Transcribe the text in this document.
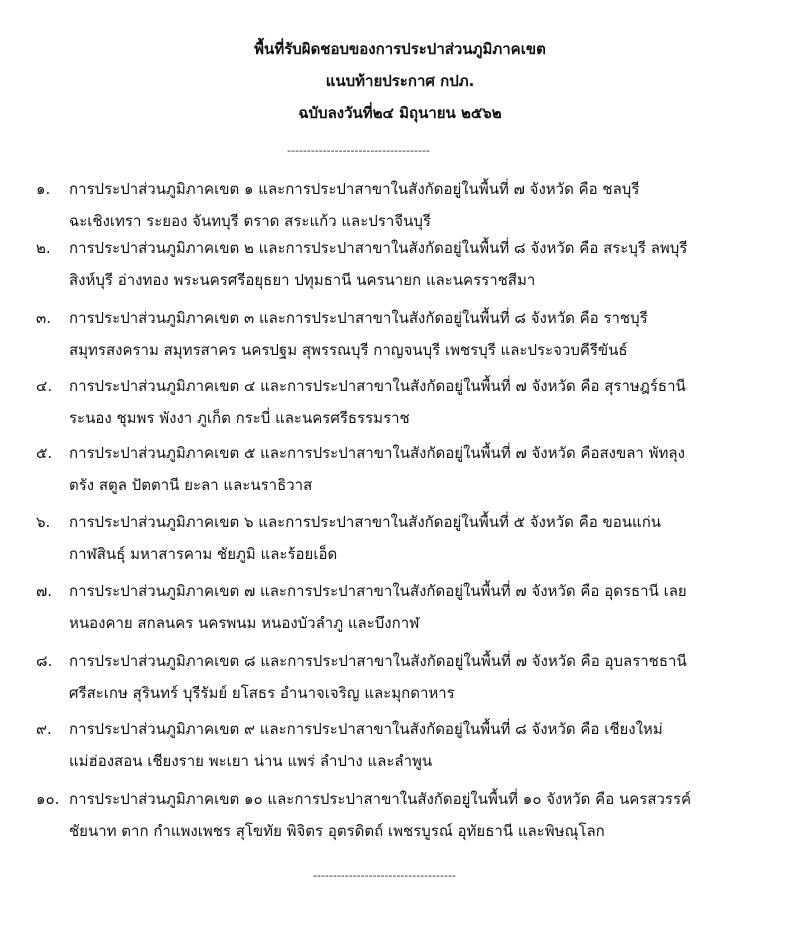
พื้นที่รับผิดชอบของการประปาส่วนภูมิภาคเขต
แนบท้ายประกาศ กปภ.
ฉบับลงวันที่๒๔ มิถุนายน ๒๕๖๒
------------------------------------
๑. การประปาส่วนภูมิภาคเขต ๑ และการประปาสาขาในสังกัดอยู่ในพื้นที่ ๗ จังหวัด คือ ชลบุรี
ฉะเชิงเทรา ระยอง จันทบุรี ตราด สระแก้ว และปราจีนบุรี
๒. การประปาส่วนภูมิภาคเขต ๒ และการประปาสาขาในสังกัดอยู่ในพื้นที่ ๘ จังหวัด คือ สระบุรี ลพบุรี
สิงห์บุรี อ่างทอง พระนครศรีอยุธยา ปทุมธานี นครนายก และนครราชสีมา
๓. การประปาส่วนภูมิภาคเขต ๓ และการประปาสาขาในสังกัดอยู่ในพื้นที่ ๘ จังหวัด คือ ราชบุรี
สมุทรสงคราม สมุทรสาคร นครปฐม สุพรรณบุรี กาญจนบุรี เพชรบุรี และประจวบคีรีขันธ์
๔. การประปาส่วนภูมิภาคเขต ๔ และการประปาสาขาในสังกัดอยู่ในพื้นที่ ๗ จังหวัด คือ สุราษฎร์ธานี
ระนอง ชุมพร พังงา ภูเก็ต กระบี่ และนครศรีธรรมราช
๕. การประปาส่วนภูมิภาคเขต ๕ และการประปาสาขาในสังกัดอยู่ในพื้นที่ ๗ จังหวัด คือสงขลา พัทลุง
ตรัง สตูล ปัตตานี ยะลา และนราธิวาส
๖. การประปาส่วนภูมิภาคเขต ๖ และการประปาสาขาในสังกัดอยู่ในพื้นที่ ๕ จังหวัด คือ ขอนแก่น
กาฬสินธุ์ มหาสารคาม ชัยภูมิ และร้อยเอ็ด
๗. การประปาส่วนภูมิภาคเขต ๗ และการประปาสาขาในสังกัดอยู่ในพื้นที่ ๗ จังหวัด คือ อุดรธานี เลย
หนองคาย สกลนคร นครพนม หนองบัวลำภู และบึงกาฬ
๘. การประปาส่วนภูมิภาคเขต ๘ และการประปาสาขาในสังกัดอยู่ในพื้นที่ ๗ จังหวัด คือ อุบลราชธานี
ศรีสะเกษ สุรินทร์ บุรีรัมย์ ยโสธร อำนาจเจริญ และมุกดาหาร
๙. การประปาส่วนภูมิภาคเขต ๙ และการประปาสาขาในสังกัดอยู่ในพื้นที่ ๘ จังหวัด คือ เชียงใหม่
แม่ฮ่องสอน เชียงราย พะเยา น่าน แพร่ ลำปาง และลำพูน
๑๐. การประปาส่วนภูมิภาคเขต ๑๐ และการประปาสาขาในสังกัดอยู่ในพื้นที่ ๑๐ จังหวัด คือ นครสวรรค์
ชัยนาท ตาก กำแพงเพชร สุโขทัย พิจิตร อุตรดิตถ์ เพชรบูรณ์ อุทัยธานี และพิษณุโลก
------------------------------------
